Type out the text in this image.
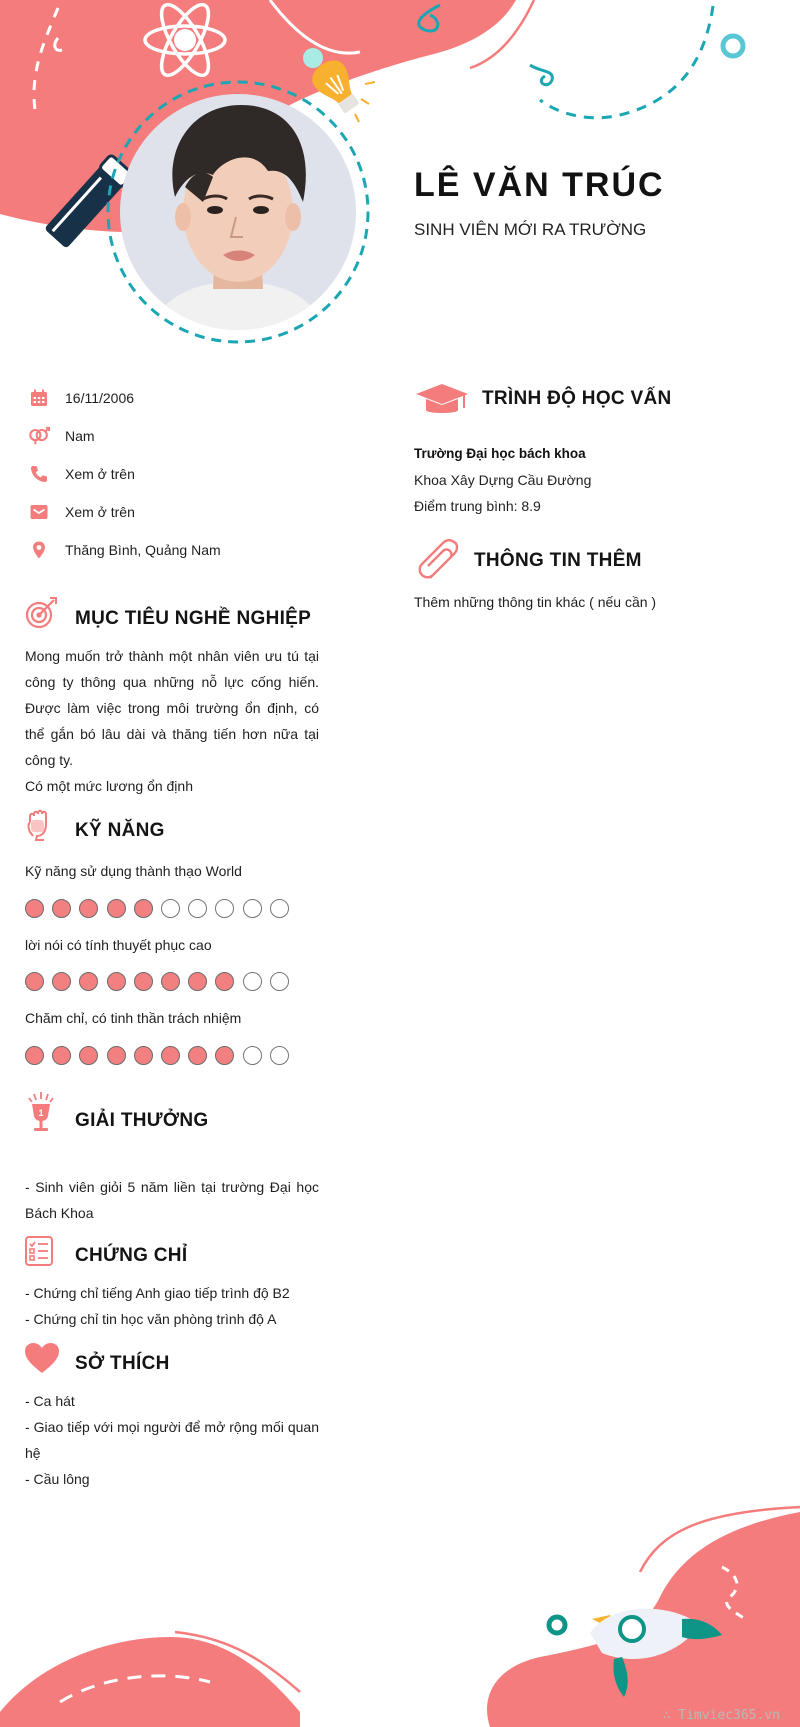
LÊ VĂN TRÚC
SINH VIÊN MỚI RA TRƯỜNG
16/11/2006
Nam
Xem ở trên
Xem ở trên
Thăng Bình, Quảng Nam
MỤC TIÊU NGHỀ NGHIỆP
Mong muốn trở thành một nhân viên ưu tú tại công ty thông qua những nỗ lực cống hiến. Được làm việc trong môi trường ổn định, có thể gắn bó lâu dài và thăng tiến hơn nữa tại công ty.
Có một mức lương ổn định
KỸ NĂNG
Kỹ năng sử dụng thành thạo World
lời nói có tính thuyết phục cao
Chăm chỉ, có tinh thần trách nhiệm
1 GIẢI THƯỞNG
- Sinh viên giỏi 5 năm liền tại trường Đại học Bách Khoa
CHỨNG CHỈ
- Chứng chỉ tiếng Anh giao tiếp trình độ B2
- Chứng chỉ tin học văn phòng trình độ A
SỞ THÍCH
- Ca hát
- Giao tiếp với mọi người để mở rộng mối quan hệ
- Cầu lông
TRÌNH ĐỘ HỌC VẤN
Trường Đại học bách khoa
Khoa Xây Dựng Cầu Đường
Điểm trung bình: 8.9
THÔNG TIN THÊM
Thêm những thông tin khác ( nếu cần )
∴ Timviec365.vn
